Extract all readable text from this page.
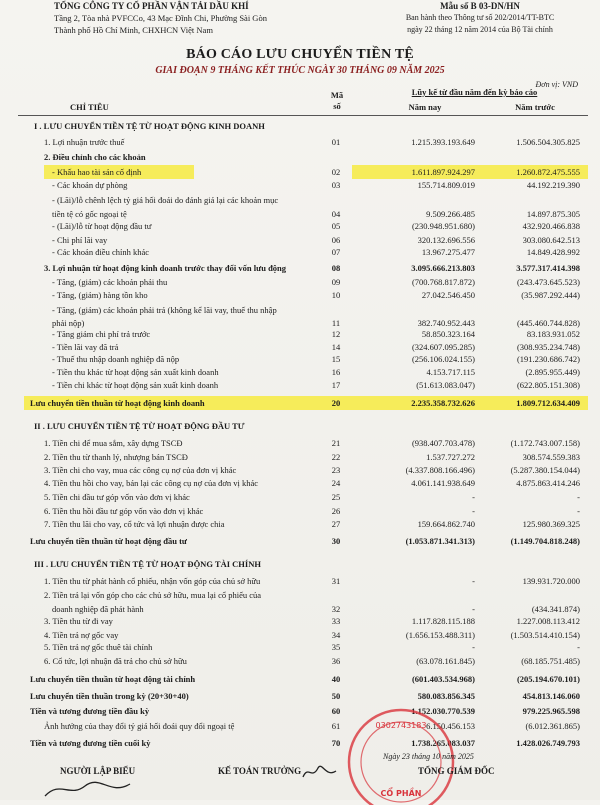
TỔNG CÔNG TY CỔ PHẦN VẬN TẢI DẦU KHÍ
Tầng 2, Tòa nhà PVFCCo, 43 Mạc Đĩnh Chi, Phường Sài Gòn
Thành phố Hồ Chí Minh, CHXHCN Việt Nam
Mẫu số B 03-DN/HN
Ban hành theo Thông tư số 202/2014/TT-BTC
ngày 22 tháng 12 năm 2014 của Bộ Tài chính
BÁO CÁO LƯU CHUYỂN TIỀN TỆ
GIAI ĐOẠN 9 THÁNG KẾT THÚC NGÀY 30 THÁNG 09 NĂM 2025
Đơn vị: VND
CHỈ TIÊU
Mã
số
Lũy kế từ đầu năm đến kỳ báo cáo
Năm nay	Năm trước
I . LƯU CHUYỂN TIỀN TỆ TỪ HOẠT ĐỘNG KINH DOANH
1. Lợi nhuận trước thuế	01	1.215.393.193.649	1.506.504.305.825
2. Điều chỉnh cho các khoản
- Khấu hao tài sản cố định	02	1.611.897.924.297	1.260.872.475.555
- Các khoản dự phòng	03	155.714.809.019	44.192.219.390
- (Lãi)/lỗ chênh lệch tỷ giá hối đoái do đánh giá lại các khoản mục
tiền tệ có gốc ngoại tệ	04	9.509.266.485	14.897.875.305
- (Lãi)/lỗ từ hoạt động đầu tư	05	(230.948.951.680)	432.920.466.838
- Chi phí lãi vay	06	320.132.696.556	303.080.642.513
- Các khoản điều chỉnh khác	07	13.967.275.477	14.849.428.992
3. Lợi nhuận từ hoạt động kinh doanh trước thay đổi vốn lưu động	08	3.095.666.213.803	3.577.317.414.398
- Tăng, (giảm) các khoản phải thu	09	(700.768.817.872)	(243.473.645.523)
- Tăng, (giảm) hàng tồn kho	10	27.042.546.450	(35.987.292.444)
- Tăng, (giảm) các khoản phải trả (không kể lãi vay, thuế thu nhập
phải nộp)	11	382.740.952.443	(445.460.744.828)
- Tăng giảm chi phí trả trước	12	58.850.323.164	83.183.931.052
- Tiền lãi vay đã trả	14	(324.607.095.285)	(308.935.234.748)
- Thuế thu nhập doanh nghiệp đã nộp	15	(256.106.024.155)	(191.230.686.742)
- Tiền thu khác từ hoạt động sản xuất kinh doanh	16	4.153.717.115	(2.895.955.449)
- Tiền chi khác từ hoạt động sản xuất kinh doanh	17	(51.613.083.047)	(622.805.151.308)
Lưu chuyển tiền thuần từ hoạt động kinh doanh	20	2.235.358.732.626	1.809.712.634.409
II . LƯU CHUYỂN TIỀN TỆ TỪ HOẠT ĐỘNG ĐẦU TƯ
1. Tiền chi để mua sắm, xây dựng TSCĐ	21	(938.407.703.478)	(1.172.743.007.158)
2. Tiền thu từ thanh lý, nhượng bán TSCĐ	22	1.537.727.272	308.574.559.383
3. Tiền chi cho vay, mua các công cụ nợ của đơn vị khác	23	(4.337.808.166.496)	(5.287.380.154.044)
4. Tiền thu hồi cho vay, bán lại các công cụ nợ của đơn vị khác	24	4.061.141.938.649	4.875.863.414.246
5. Tiền chi đầu tư góp vốn vào đơn vị khác	25	-	-
6. Tiền thu hồi đầu tư góp vốn vào đơn vị khác	26	-	-
7. Tiền thu lãi cho vay, cổ tức và lợi nhuận được chia	27	159.664.862.740	125.980.369.325
Lưu chuyển tiền thuần từ hoạt động đầu tư	30	(1.053.871.341.313)	(1.149.704.818.248)
III . LƯU CHUYỂN TIỀN TỆ TỪ HOẠT ĐỘNG TÀI CHÍNH
1. Tiền thu từ phát hành cổ phiếu, nhận vốn góp của chủ sở hữu	31	-	139.931.720.000
2. Tiền trả lại vốn góp cho các chủ sở hữu, mua lại cổ phiếu của
doanh nghiệp đã phát hành	32	-	(434.341.874)
3. Tiền thu từ đi vay	33	1.117.828.115.188	1.227.008.113.412
4. Tiền trả nợ gốc vay	34	(1.656.153.488.311)	(1.503.514.410.154)
5. Tiền trả nợ gốc thuê tài chính	35	-	-
6. Cổ tức, lợi nhuận đã trả cho chủ sở hữu	36	(63.078.161.845)	(68.185.751.485)
Lưu chuyển tiền thuần từ hoạt động tài chính	40	(601.403.534.968)	(205.194.670.101)
Lưu chuyển tiền thuần trong kỳ (20+30+40)	50	580.083.856.345	454.813.146.060
Tiền và tương đương tiền đầu kỳ	60	1.152.030.770.539	979.225.965.598
Ảnh hưởng của thay đổi tỷ giá hối đoái quy đổi ngoại tệ	61	6.150.456.153	(6.012.361.865)
Tiền và tương đương tiền cuối kỳ	70	1.738.265.083.037	1.428.026.749.793
0302743183
CỔ PHẦN
Ngày 23 tháng 10 năm 2025
NGƯỜI LẬP BIỂU	KẾ TOÁN TRƯỞNG	TỔNG GIÁM ĐỐC
